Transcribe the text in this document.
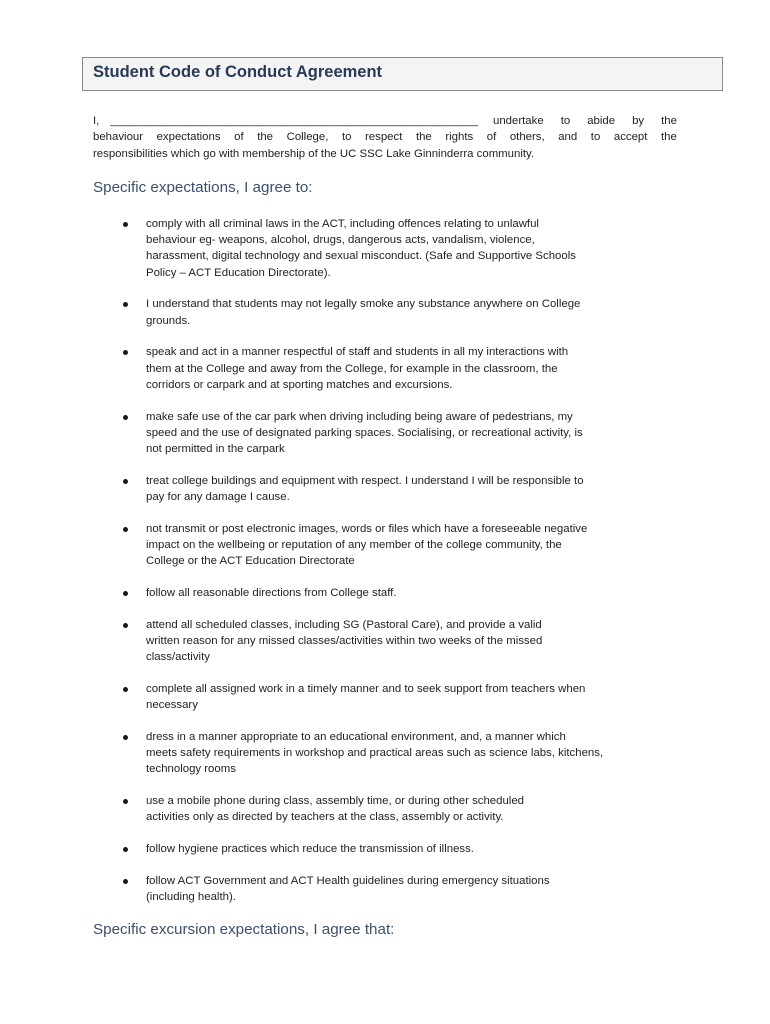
Student Code of Conduct Agreement
I, __________________________________________________________ undertake to abide by the
behaviour expectations of the College, to respect the rights of others, and to accept the
responsibilities which go with membership of the UC SSC Lake Ginninderra community.
Specific expectations, I agree to:
comply with all criminal laws in the ACT, including offences relating to unlawful
behaviour eg- weapons, alcohol, drugs, dangerous acts, vandalism, violence,
harassment, digital technology and sexual misconduct. (Safe and Supportive Schools
Policy – ACT Education Directorate).
I understand that students may not legally smoke any substance anywhere on College
grounds.
speak and act in a manner respectful of staff and students in all my interactions with
them at the College and away from the College, for example in the classroom, the
corridors or carpark and at sporting matches and excursions.
make safe use of the car park when driving including being aware of pedestrians, my
speed and the use of designated parking spaces. Socialising, or recreational activity, is
not permitted in the carpark
treat college buildings and equipment with respect. I understand I will be responsible to
pay for any damage I cause.
not transmit or post electronic images, words or files which have a foreseeable negative
impact on the wellbeing or reputation of any member of the college community, the
College or the ACT Education Directorate
follow all reasonable directions from College staff.
attend all scheduled classes, including SG (Pastoral Care), and provide a valid
written reason for any missed classes/activities within two weeks of the missed
class/activity
complete all assigned work in a timely manner and to seek support from teachers when
necessary
dress in a manner appropriate to an educational environment, and, a manner which
meets safety requirements in workshop and practical areas such as science labs, kitchens,
technology rooms
use a mobile phone during class, assembly time, or during other scheduled
activities only as directed by teachers at the class, assembly or activity.
follow hygiene practices which reduce the transmission of illness.
follow ACT Government and ACT Health guidelines during emergency situations
(including health).
Specific excursion expectations, I agree that:
